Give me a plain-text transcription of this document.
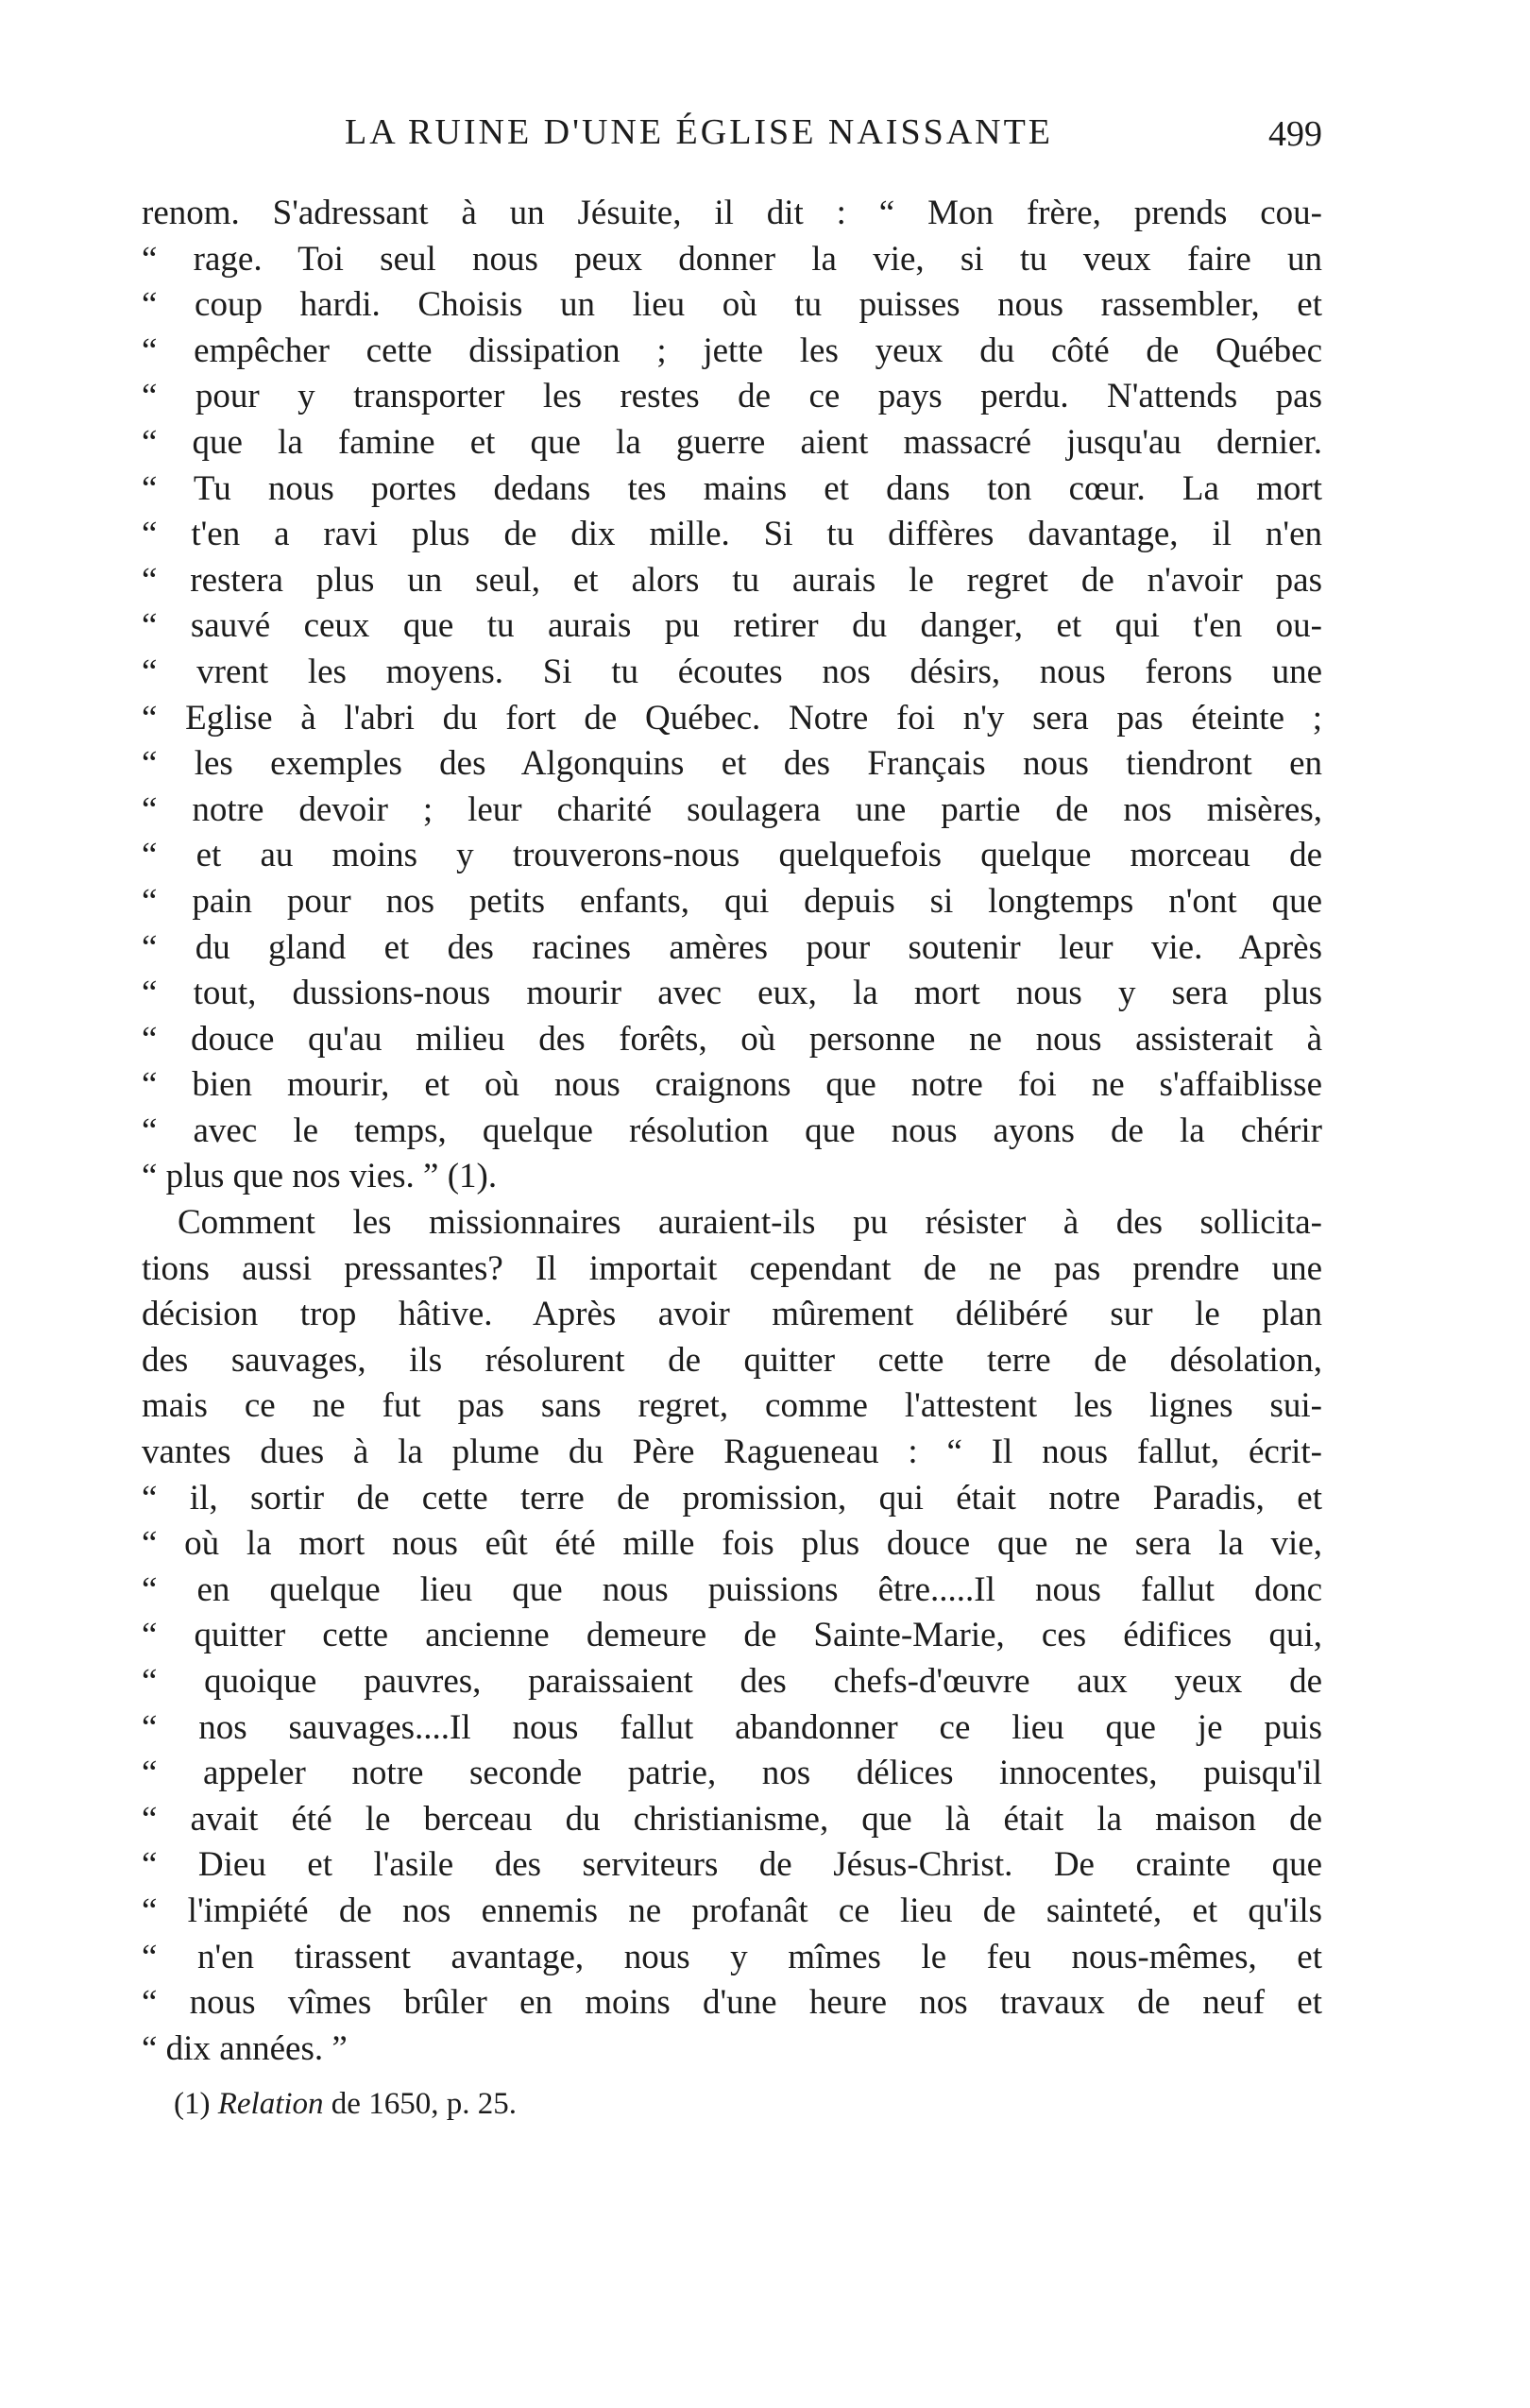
LA RUINE D'UNE ÉGLISE NAISSANTE	499
renom. S'adressant à un Jésuite, il dit : “ Mon frère, prends cou-
“ rage. Toi seul nous peux donner la vie, si tu veux faire un
“ coup hardi. Choisis un lieu où tu puisses nous rassembler, et
“ empêcher cette dissipation ; jette les yeux du côté de Québec
“ pour y transporter les restes de ce pays perdu. N'attends pas
“ que la famine et que la guerre aient massacré jusqu'au dernier.
“ Tu nous portes dedans tes mains et dans ton cœur. La mort
“ t'en a ravi plus de dix mille. Si tu diffères davantage, il n'en
“ restera plus un seul, et alors tu aurais le regret de n'avoir pas
“ sauvé ceux que tu aurais pu retirer du danger, et qui t'en ou-
“ vrent les moyens. Si tu écoutes nos désirs, nous ferons une
“ Eglise à l'abri du fort de Québec. Notre foi n'y sera pas éteinte ;
“ les exemples des Algonquins et des Français nous tiendront en
“ notre devoir ; leur charité soulagera une partie de nos misères,
“ et au moins y trouverons-nous quelquefois quelque morceau de
“ pain pour nos petits enfants, qui depuis si longtemps n'ont que
“ du gland et des racines amères pour soutenir leur vie. Après
“ tout, dussions-nous mourir avec eux, la mort nous y sera plus
“ douce qu'au milieu des forêts, où personne ne nous assisterait à
“ bien mourir, et où nous craignons que notre foi ne s'affaiblisse
“ avec le temps, quelque résolution que nous ayons de la chérir
“ plus que nos vies. ” (1).
Comment les missionnaires auraient-ils pu résister à des sollicita-
tions aussi pressantes? Il importait cependant de ne pas prendre une
décision trop hâtive. Après avoir mûrement délibéré sur le plan
des sauvages, ils résolurent de quitter cette terre de désolation,
mais ce ne fut pas sans regret, comme l'attestent les lignes sui-
vantes dues à la plume du Père Ragueneau : “ Il nous fallut, écrit-
“ il, sortir de cette terre de promission, qui était notre Paradis, et
“ où la mort nous eût été mille fois plus douce que ne sera la vie,
“ en quelque lieu que nous puissions être.....Il nous fallut donc
“ quitter cette ancienne demeure de Sainte-Marie, ces édifices qui,
“ quoique pauvres, paraissaient des chefs-d'œuvre aux yeux de
“ nos sauvages....Il nous fallut abandonner ce lieu que je puis
“ appeler notre seconde patrie, nos délices innocentes, puisqu'il
“ avait été le berceau du christianisme, que là était la maison de
“ Dieu et l'asile des serviteurs de Jésus-Christ. De crainte que
“ l'impiété de nos ennemis ne profanât ce lieu de sainteté, et qu'ils
“ n'en tirassent avantage, nous y mîmes le feu nous-mêmes, et
“ nous vîmes brûler en moins d'une heure nos travaux de neuf et
“ dix années. ”
(1) Relation de 1650, p. 25.
